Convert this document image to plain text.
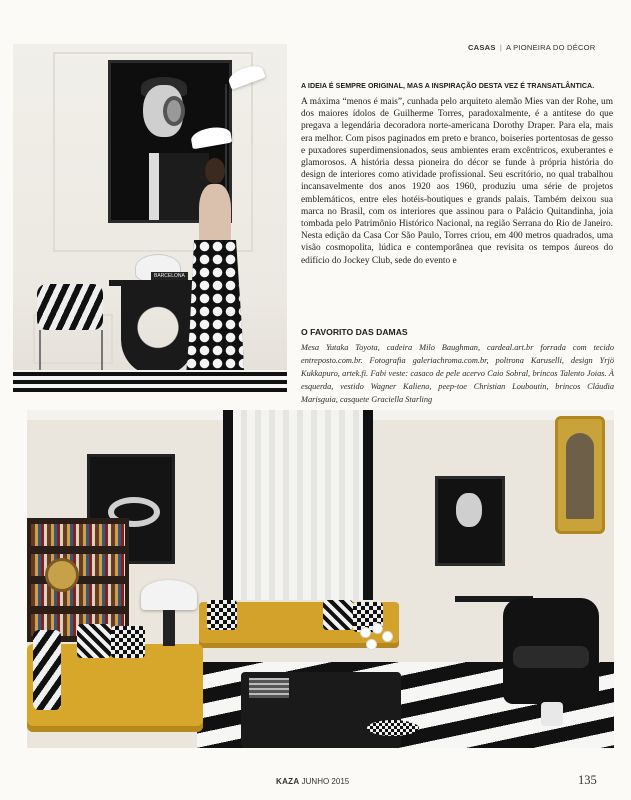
CASAS | A PIONEIRA DO DÉCOR
BARCELONA
A IDEIA É SEMPRE ORIGINAL, MAS A INSPIRAÇÃO DESTA VEZ É TRANSATLÂNTICA.

A máxima “menos é mais”, cunhada pelo arquiteto alemão Mies van der Rohe, um dos maiores ídolos de Guilherme Torres, paradoxalmente, é a antítese do que pregava a legendária decoradora norte-americana Dorothy Draper. Para ela, mais era melhor. Com pisos paginados em preto e branco, boiseries portentosas de gesso e puxadores superdimensionados, seus ambientes eram excêntricos, exuberantes e glamorosos. A história dessa pioneira do décor se funde à própria história do design de interiores como atividade profissional. Seu escritório, no qual trabalhou incansavelmente dos anos 1920 aos 1960, produziu uma série de projetos emblemáticos, entre eles hotéis-boutiques e grands palais. Também deixou sua marca no Brasil, com os interiores que assinou para o Palácio Quitandinha, joia tombada pelo Patrimônio Histórico Nacional, na região Serrana do Rio de Janeiro. Nesta edição da Casa Cor São Paulo, Torres criou, em 400 metros quadrados, uma visão cosmopolita, lúdica e contemporânea que revisita os tempos áureos do edifício do Jockey Club, sede do evento e

O FAVORITO DAS DAMAS

Mesa Yutaka Toyota, cadeira Milo Baughman, cardeal.art.br forrada com tecido entreposto.com.br. Fotografia galeriachroma.com.br, poltrona Karuselli, design Yrjö Kukkapuro, artek.fi. Fabi veste: casaco de pele acervo Caio Sobral, brincos Talento Joias. À esquerda, vestido Wagner Kalieno, peep-toe Christian Louboutin, brincos Cláudia Marisguia, casquete Graciella Starling

KAZA JUNHO 2015	135
